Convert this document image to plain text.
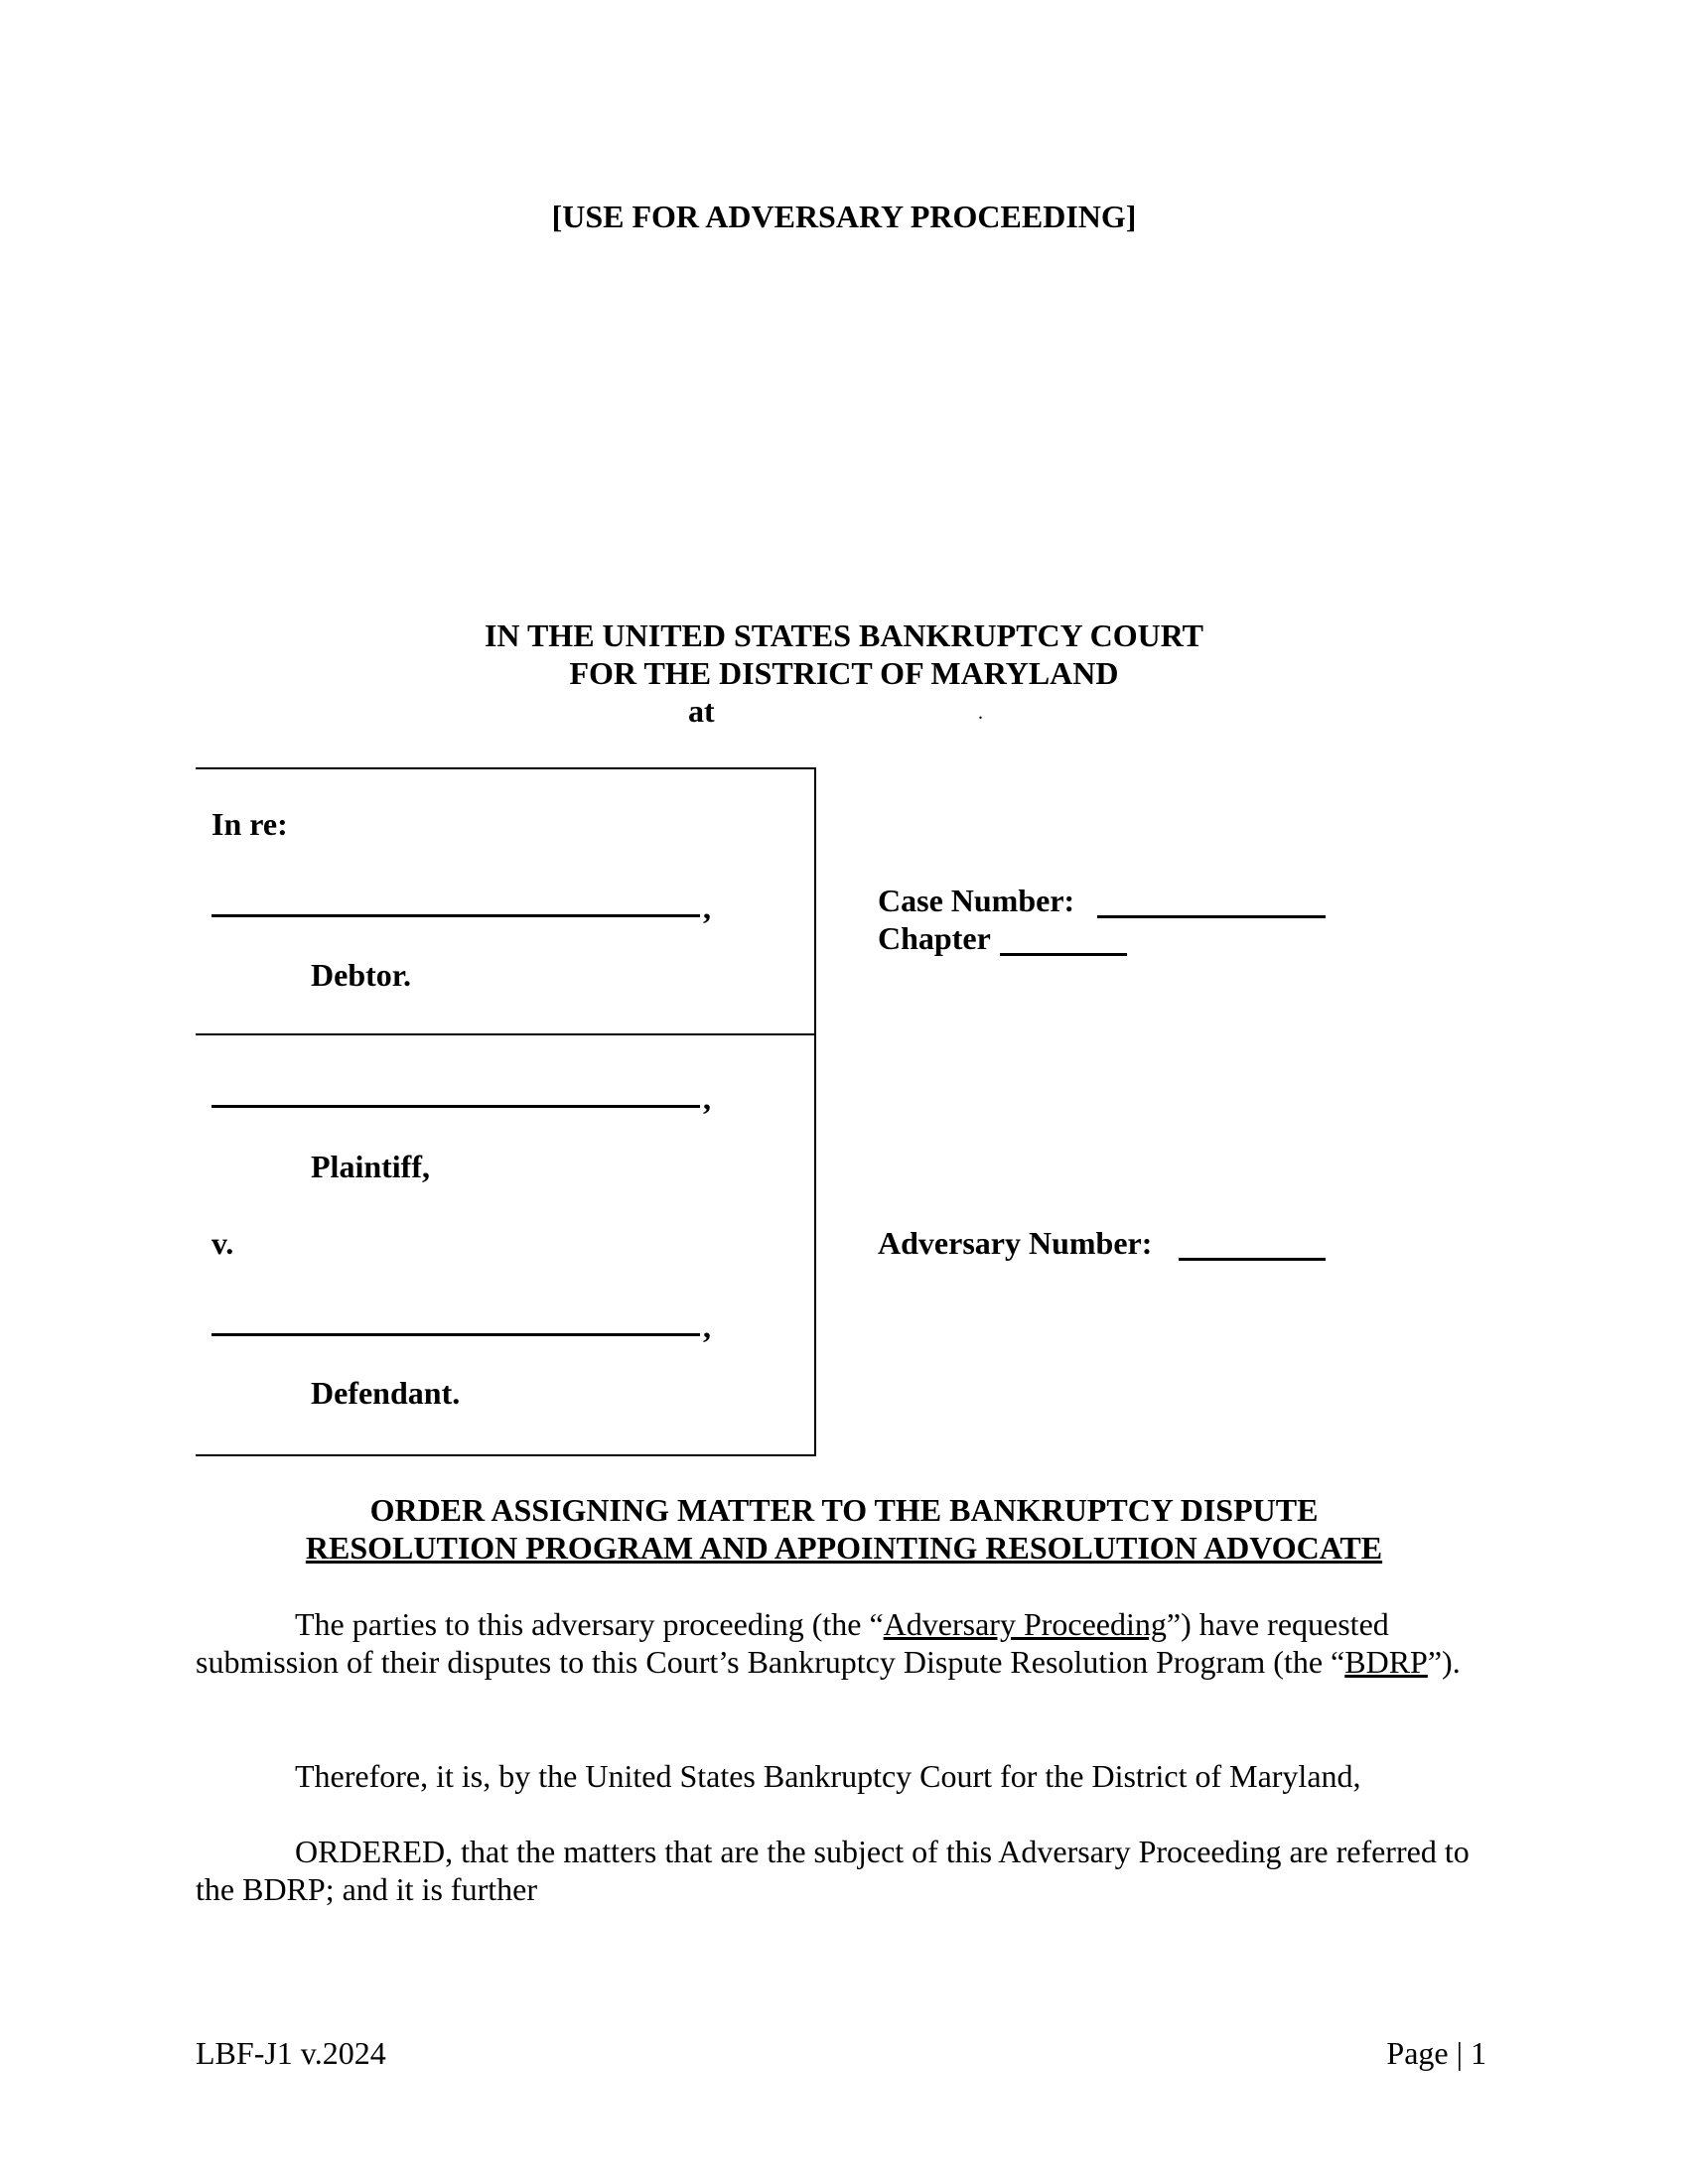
[USE FOR ADVERSARY PROCEEDING]
IN THE UNITED STATES BANKRUPTCY COURT
FOR THE DISTRICT OF MARYLAND
at	.
In re:
,
Debtor.
,
Plaintiff,
v.
,
Defendant.
Case Number:
Chapter
Adversary Number:
ORDER ASSIGNING MATTER TO THE BANKRUPTCY DISPUTE
RESOLUTION PROGRAM AND APPOINTING RESOLUTION ADVOCATE
The parties to this adversary proceeding (the “Adversary Proceeding”) have requested submission of their disputes to this Court’s Bankruptcy Dispute Resolution Program (the “BDRP”).
Therefore, it is, by the United States Bankruptcy Court for the District of Maryland,
ORDERED, that the matters that are the subject of this Adversary Proceeding are referred to the BDRP; and it is further
LBF-J1 v.2024	Page | 1
